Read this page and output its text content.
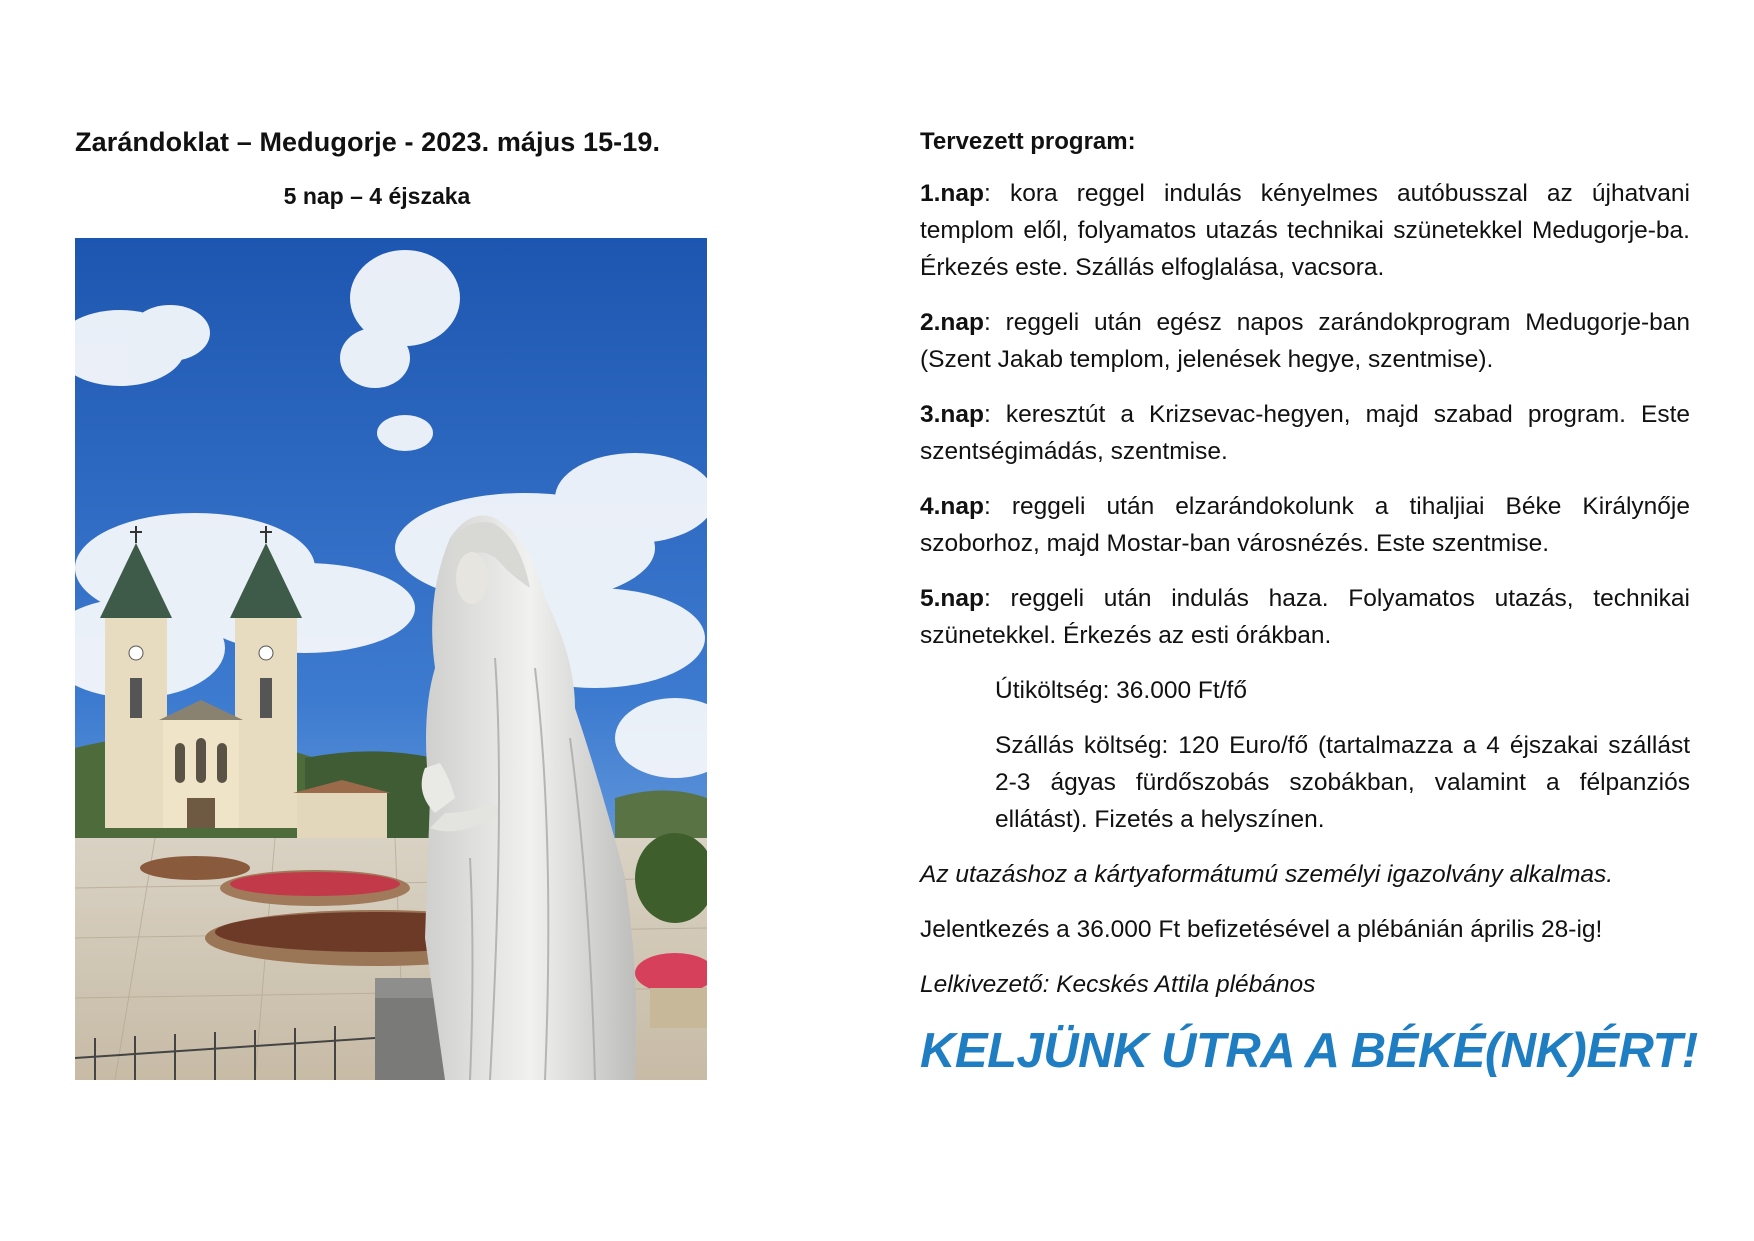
Zarándoklat – Medugorje - 2023. május 15-19.
5 nap – 4 éjszaka
Tervezett program:

1.nap: kora reggel indulás kényelmes autóbusszal az újhatvani templom elől, folyamatos utazás technikai szünetekkel Medugorje-ba. Érkezés este. Szállás elfoglalása, vacsora.

2.nap: reggeli után egész napos zarándokprogram Medugorje-ban (Szent Jakab templom, jelenések hegye, szentmise).

3.nap: keresztút a Krizsevac-hegyen, majd szabad program. Este szentségimádás, szentmise.

4.nap: reggeli után elzarándokolunk a tihaljiai Béke Királynője szoborhoz, majd Mostar-ban városnézés. Este szentmise.

5.nap: reggeli után indulás haza. Folyamatos utazás, technikai szünetekkel. Érkezés az esti órákban.

Útiköltség: 36.000 Ft/fő

Szállás költség: 120 Euro/fő (tartalmazza a 4 éjszakai szállást 2-3 ágyas fürdőszobás szobákban, valamint a félpanziós ellátást). Fizetés a helyszínen.

Az utazáshoz a kártyaformátumú személyi igazolvány alkalmas.

Jelentkezés a 36.000 Ft befizetésével a plébánián április 28-ig!

Lelkivezető: Kecskés Attila plébános

KELJÜNK ÚTRA A BÉKÉ(NK)ÉRT!
